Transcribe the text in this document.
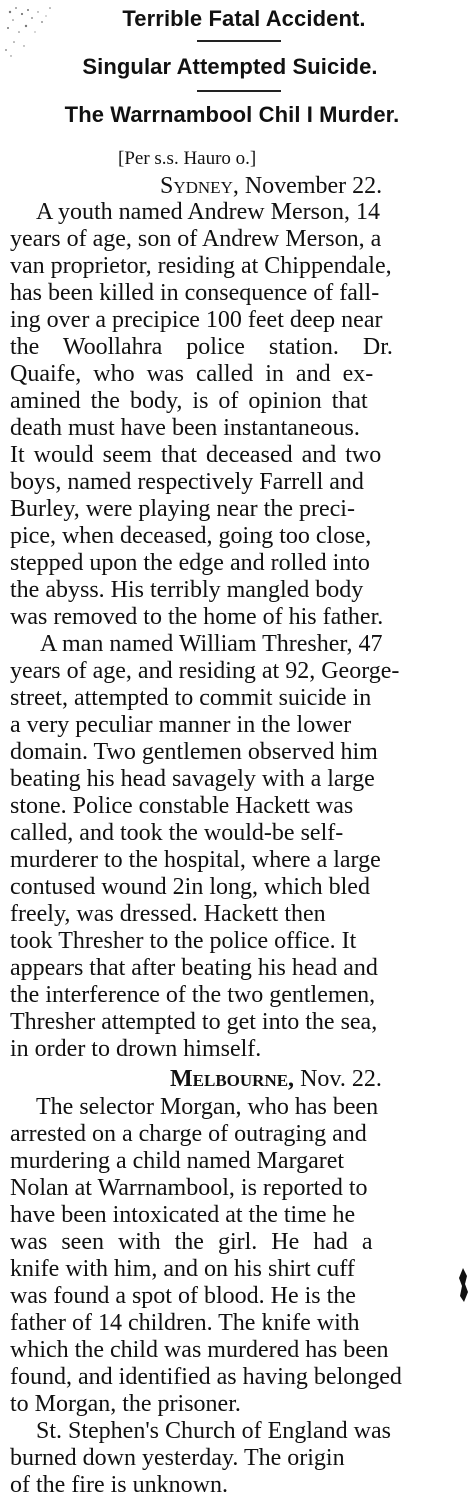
Terrible Fatal Accident.
Singular Attempted Suicide.
The Warrnambool Chil I Murder.
[Per s.s. Hauro o.]
Sydney, November 22.
A youth named Andrew Merson, 14
years of age, son of Andrew Merson, a
van proprietor, residing at Chippendale,
has been killed in consequence of fall-
ing over a precipice 100 feet deep near
the Woollahra police station. Dr.
Quaife, who was called in and ex-
amined the body, is of opinion that
death must have been instantaneous.
It would seem that deceased and two
boys, named respectively Farrell and
Burley, were playing near the preci-
pice, when deceased, going too close,
stepped upon the edge and rolled into
the abyss. His terribly mangled body
was removed to the home of his father.
A man named William Thresher, 47
years of age, and residing at 92, George-
street, attempted to commit suicide in
a very peculiar manner in the lower
domain. Two gentlemen observed him
beating his head savagely with a large
stone. Police constable Hackett was
called, and took the would-be self-
murderer to the hospital, where a large
contused wound 2in long, which bled
freely, was dressed. Hackett then
took Thresher to the police office. It
appears that after beating his head and
the interference of the two gentlemen,
Thresher attempted to get into the sea,
in order to drown himself.
Melbourne, Nov. 22.
The selector Morgan, who has been
arrested on a charge of outraging and
murdering a child named Margaret
Nolan at Warrnambool, is reported to
have been intoxicated at the time he
was seen with the girl. He had a
knife with him, and on his shirt cuff
was found a spot of blood. He is the
father of 14 children. The knife with
which the child was murdered has been
found, and identified as having belonged
to Morgan, the prisoner.
St. Stephen's Church of England was
burned down yesterday. The origin
of the fire is unknown.
